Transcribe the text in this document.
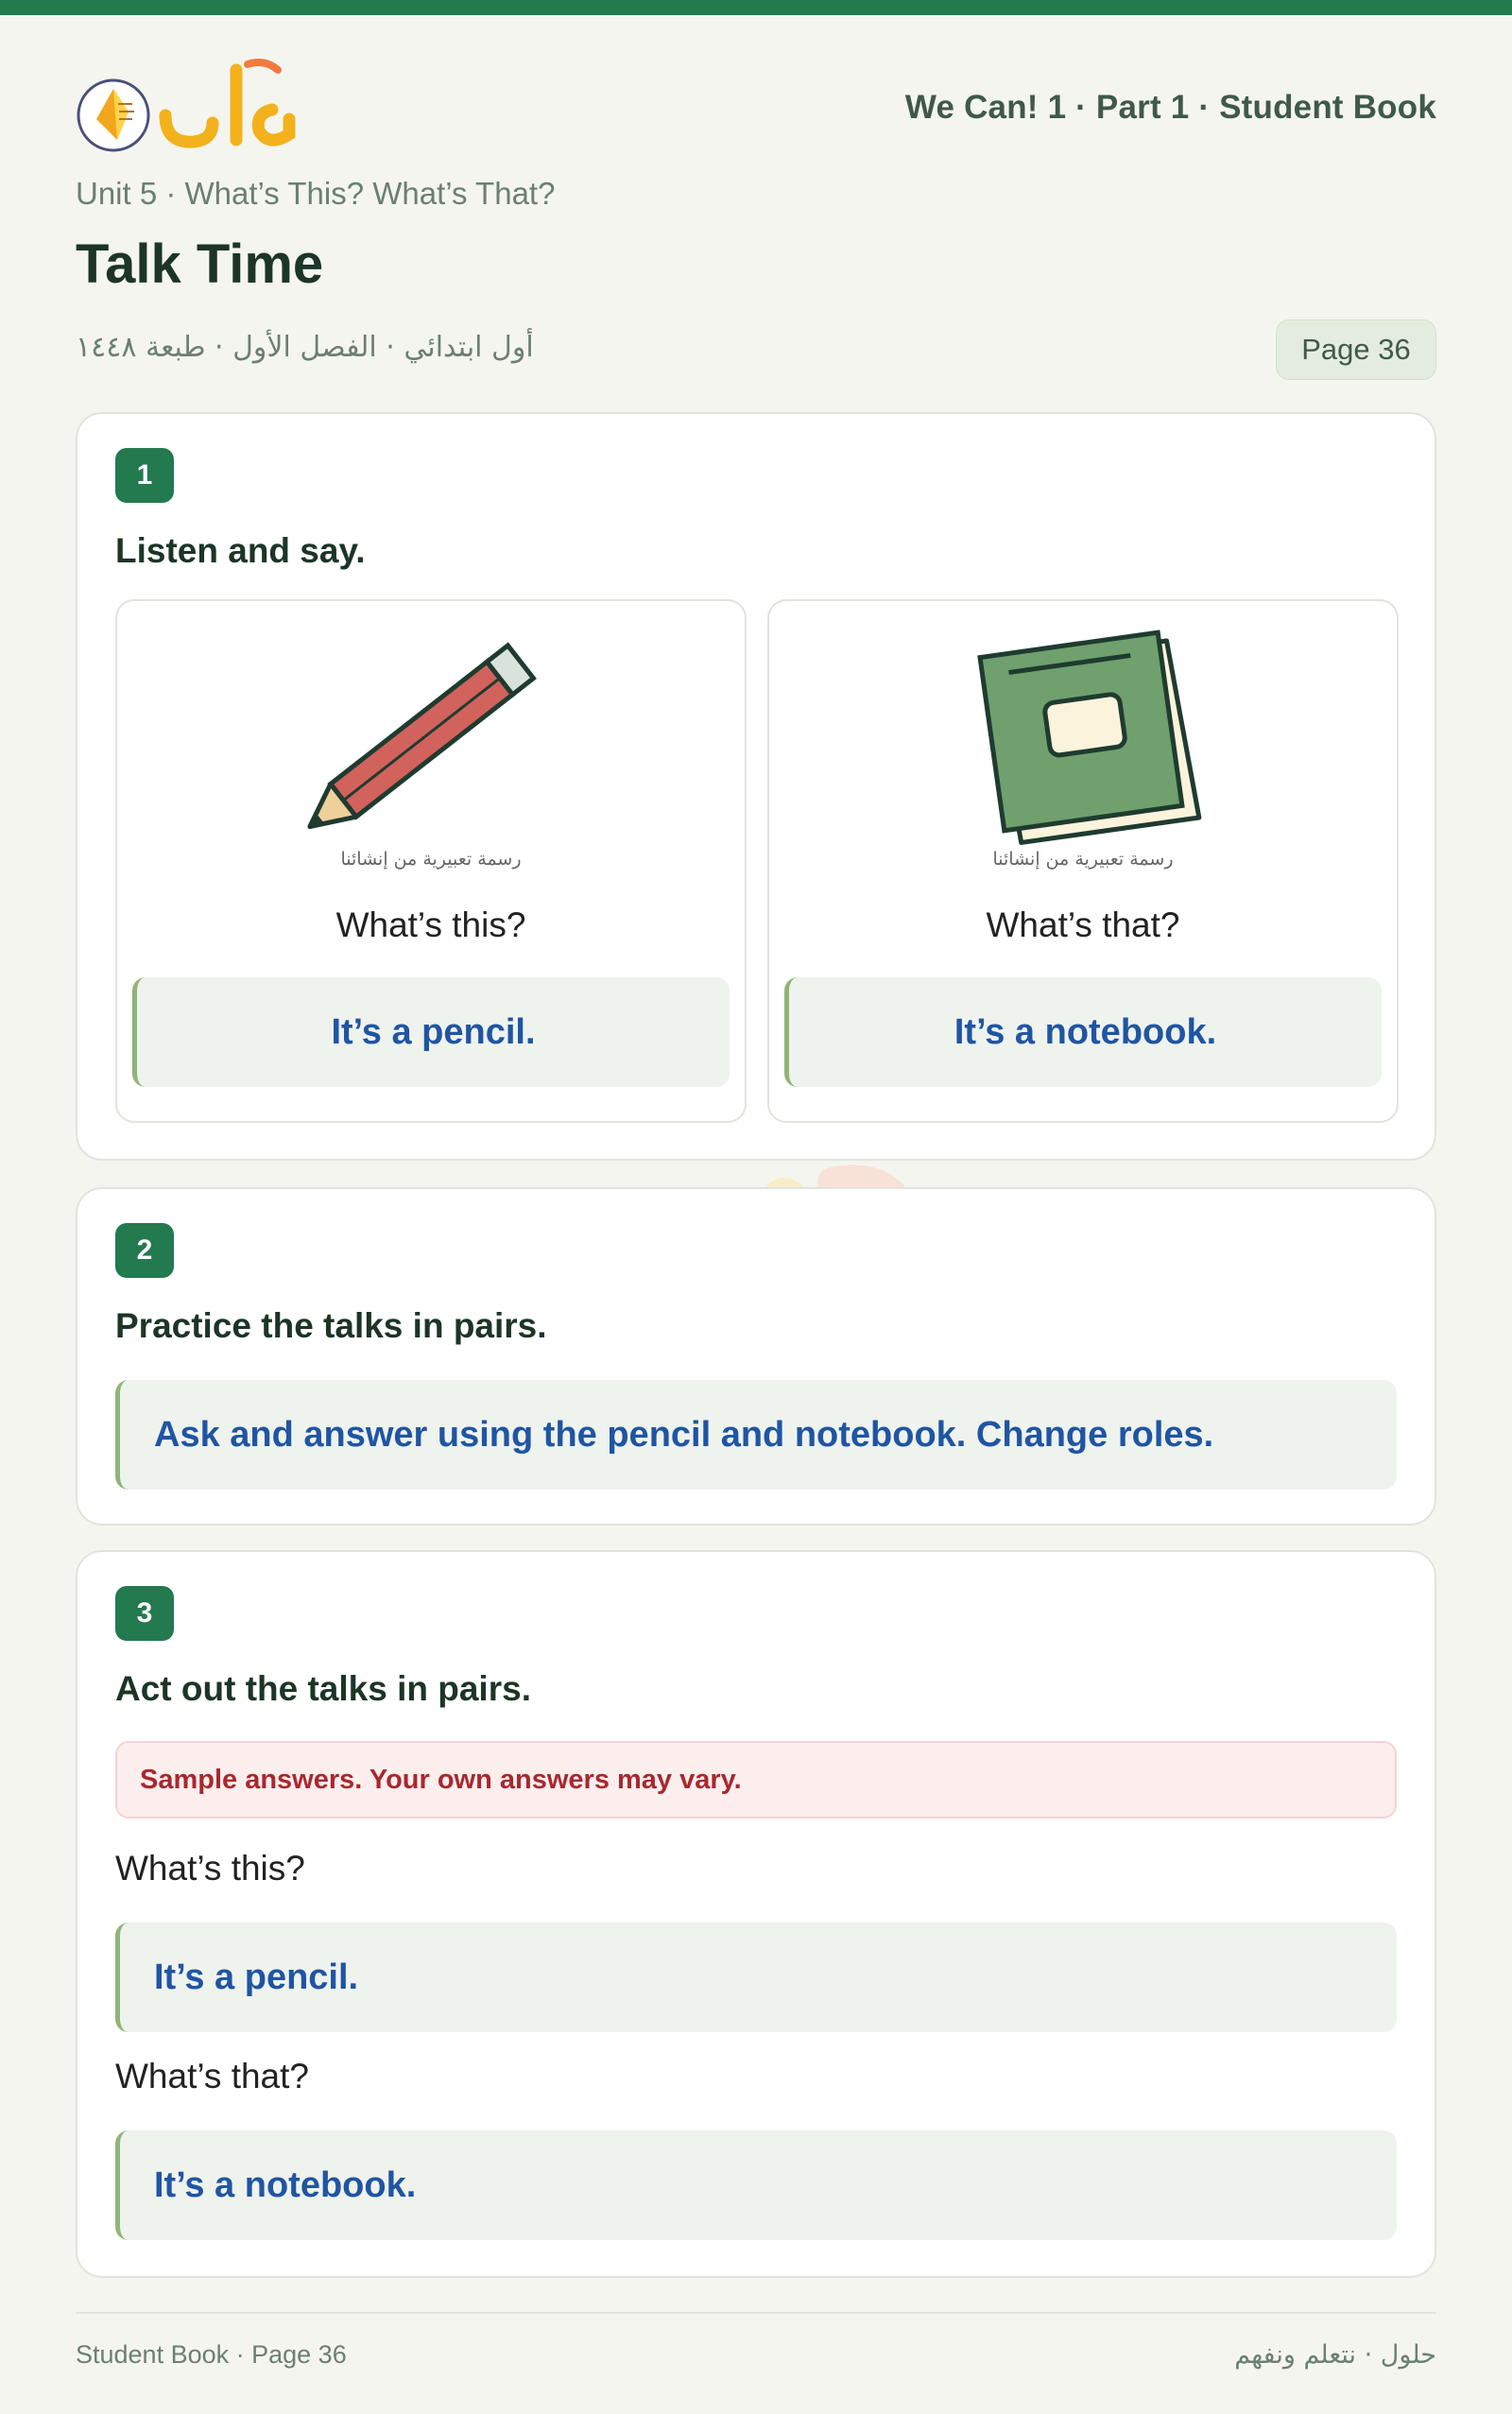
We Can! 1 · Part 1 · Student Book
Unit 5 · What’s This? What’s That?
Talk Time
أول ابتدائي · الفصل الأول · طبعة ١٤٤٨	Page 36
1
Listen and say.
رسمة تعبيرية من إنشائنا
What’s this?
It’s a pencil.
رسمة تعبيرية من إنشائنا
What’s that?
It’s a notebook.
2
Practice the talks in pairs.
Ask and answer using the pencil and notebook. Change roles.
3
Act out the talks in pairs.
Sample answers. Your own answers may vary.
What’s this?
It’s a pencil.
What’s that?
It’s a notebook.
Student Book · Page 36	حلول · نتعلم ونفهم
